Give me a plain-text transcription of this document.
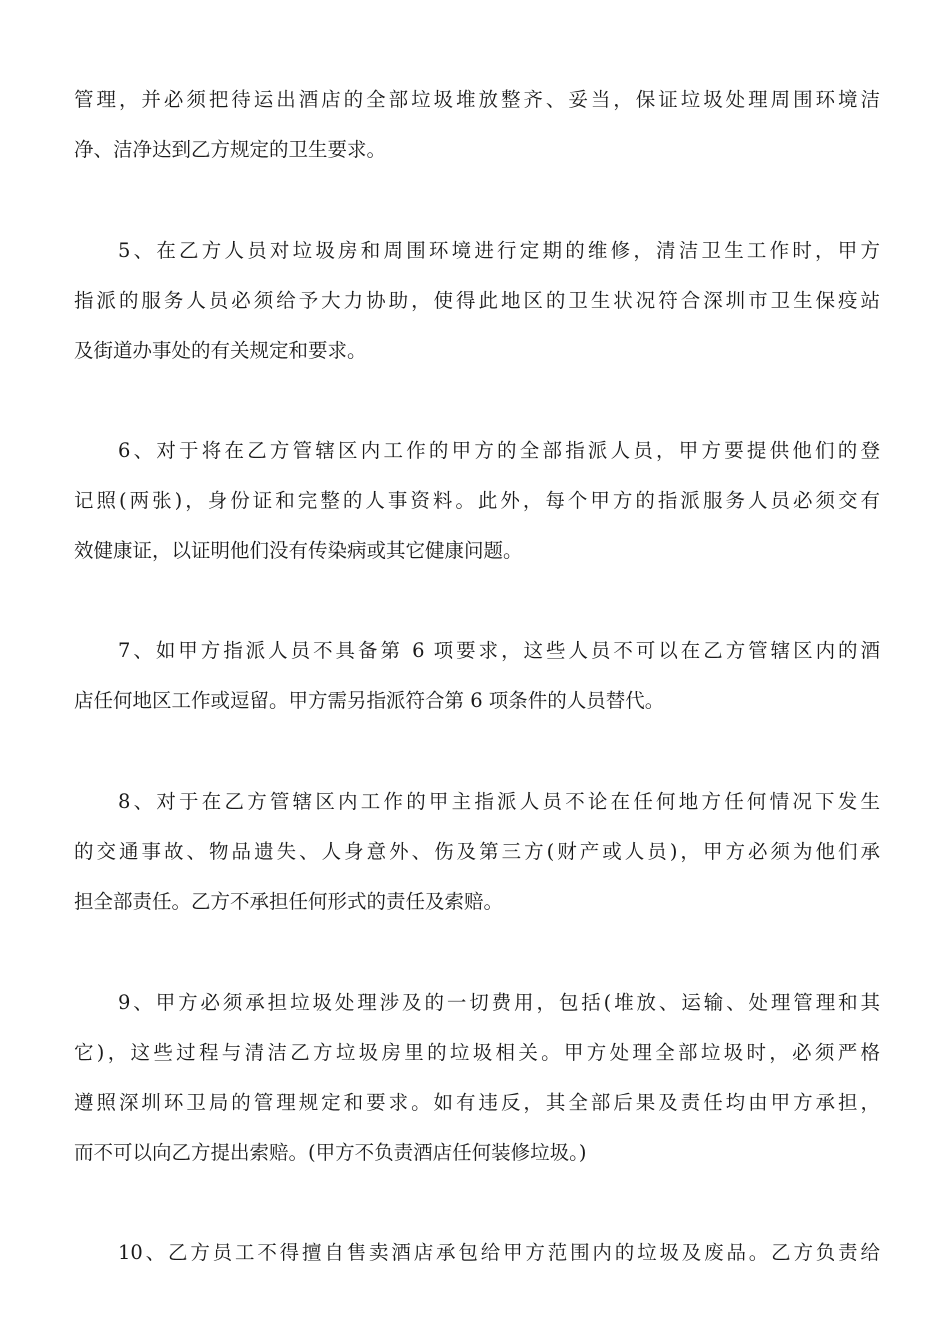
管理，并必须把待运出酒店的全部垃圾堆放整齐、妥当，保证垃圾处理周围环境洁
净、洁净达到乙方规定的卫生要求。
5、在乙方人员对垃圾房和周围环境进行定期的维修，清洁卫生工作时，甲方
指派的服务人员必须给予大力协助，使得此地区的卫生状况符合深圳市卫生保疫站
及街道办事处的有关规定和要求。
6、对于将在乙方管辖区内工作的甲方的全部指派人员，甲方要提供他们的登
记照(两张)，身份证和完整的人事资料。此外，每个甲方的指派服务人员必须交有
效健康证，以证明他们没有传染病或其它健康问题。
7、如甲方指派人员不具备第 6 项要求，这些人员不可以在乙方管辖区内的酒
店任何地区工作或逗留。甲方需另指派符合第 6 项条件的人员替代。
8、对于在乙方管辖区内工作的甲主指派人员不论在任何地方任何情况下发生
的交通事故、物品遗失、人身意外、伤及第三方(财产或人员)，甲方必须为他们承
担全部责任。乙方不承担任何形式的责任及索赔。
9、甲方必须承担垃圾处理涉及的一切费用，包括(堆放、运输、处理管理和其
它)，这些过程与清洁乙方垃圾房里的垃圾相关。甲方处理全部垃圾时，必须严格
遵照深圳环卫局的管理规定和要求。如有违反，其全部后果及责任均由甲方承担，
而不可以向乙方提出索赔。(甲方不负责酒店任何装修垃圾。)
10、乙方员工不得擅自售卖酒店承包给甲方范围内的垃圾及废品。乙方负责给
